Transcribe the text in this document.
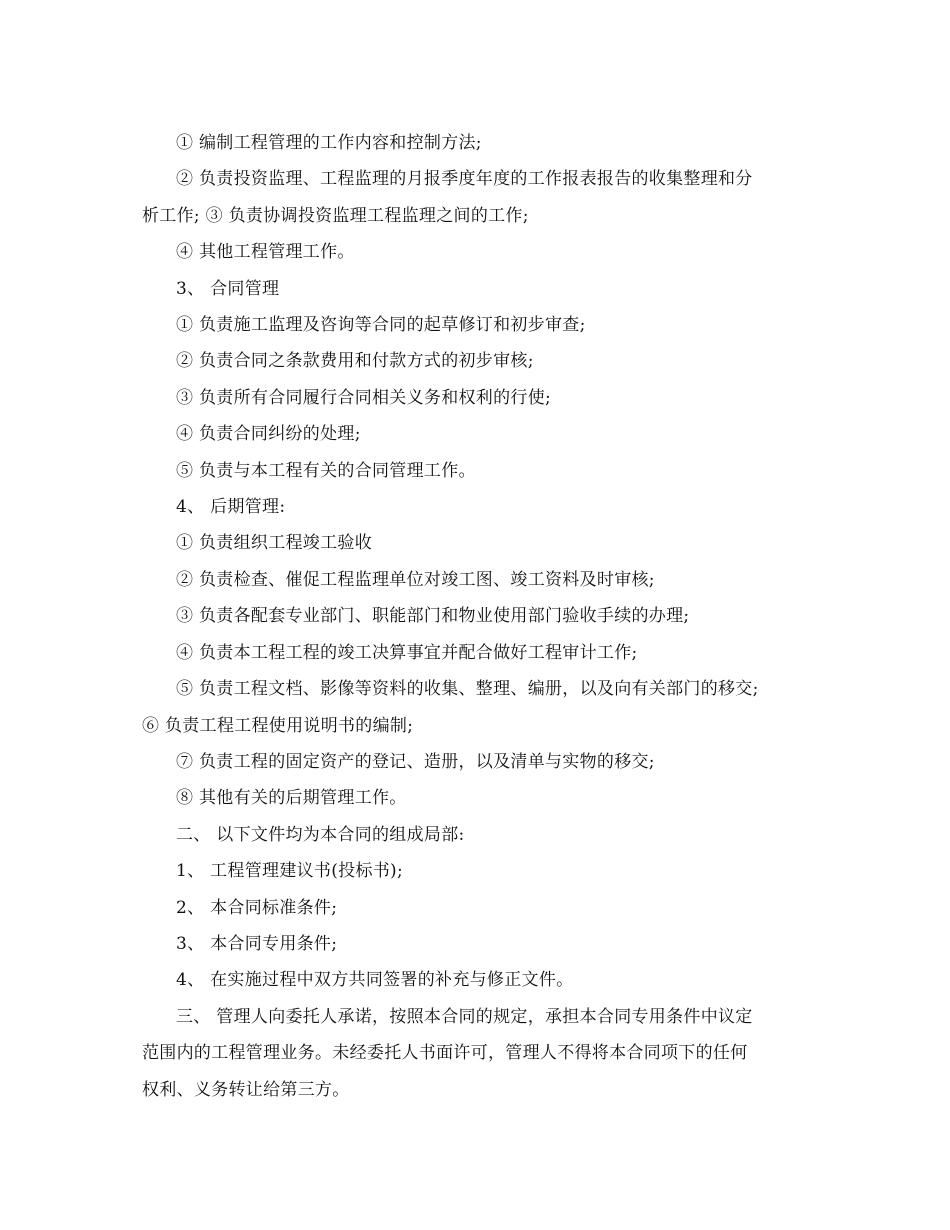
① 编制工程管理的工作内容和控制方法;

② 负责投资监理、工程监理的月报季度年度的工作报表报告的收集整理和分
析工作; ③ 负责协调投资监理工程监理之间的工作;

④ 其他工程管理工作。

3、 合同管理

① 负责施工监理及咨询等合同的起草修订和初步审查;

② 负责合同之条款费用和付款方式的初步审核;

③ 负责所有合同履行合同相关义务和权利的行使;

④ 负责合同纠纷的处理;

⑤ 负责与本工程有关的合同管理工作。

4、 后期管理:

① 负责组织工程竣工验收

② 负责检查、催促工程监理单位对竣工图、竣工资料及时审核;

③ 负责各配套专业部门、职能部门和物业使用部门验收手续的办理;

④ 负责本工程工程的竣工决算事宜并配合做好工程审计工作;

⑤ 负责工程文档、影像等资料的收集、整理、编册，以及向有关部门的移交;

⑥ 负责工程工程使用说明书的编制;

⑦ 负责工程的固定资产的登记、造册，以及清单与实物的移交;

⑧ 其他有关的后期管理工作。

二、 以下文件均为本合同的组成局部:

1、 工程管理建议书(投标书);

2、 本合同标准条件;

3、 本合同专用条件;

4、 在实施过程中双方共同签署的补充与修正文件。

三、 管理人向委托人承诺，按照本合同的规定，承担本合同专用条件中议定
范围内的工程管理业务。未经委托人书面许可，管理人不得将本合同项下的任何
权利、义务转让给第三方。
